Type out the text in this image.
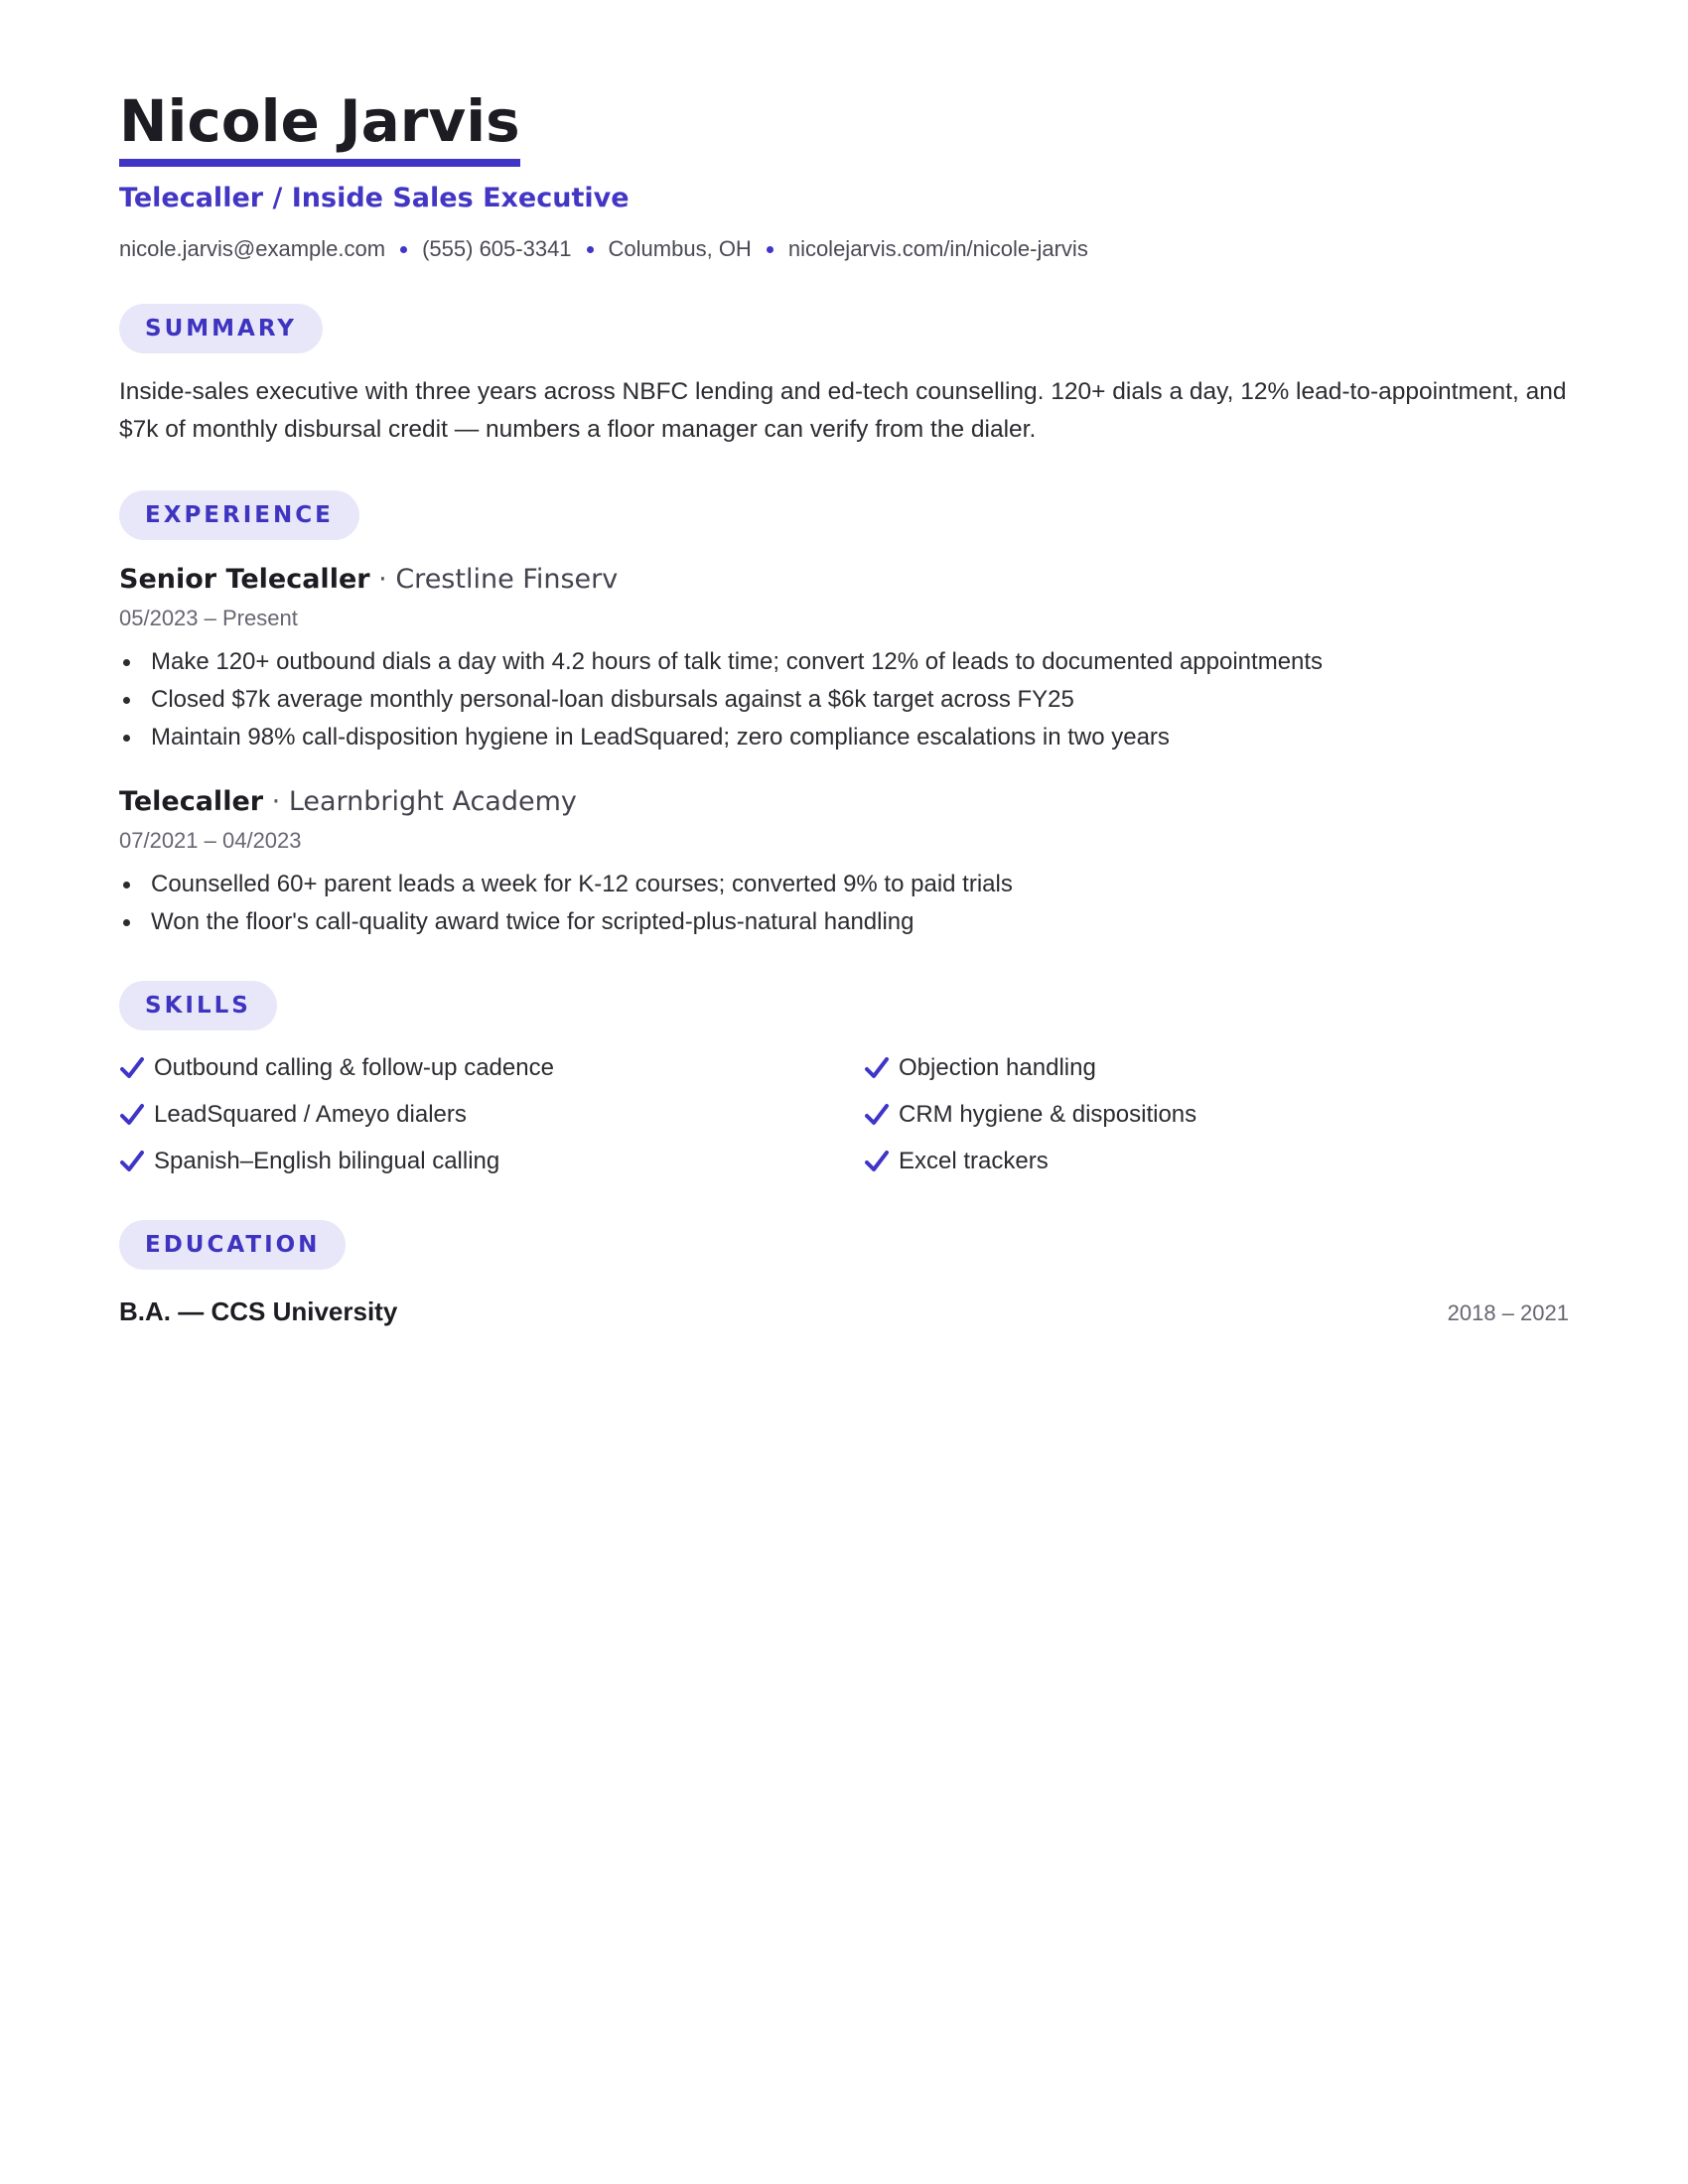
Nicole Jarvis
Telecaller / Inside Sales Executive
nicole.jarvis@example.com (555) 605-3341 Columbus, OH nicolejarvis.com/in/nicole-jarvis
SUMMARY
Inside-sales executive with three years across NBFC lending and ed-tech counselling. 120+ dials a day, 12% lead-to-appointment, and $7k of monthly disbursal credit — numbers a floor manager can verify from the dialer.
EXPERIENCE
Senior Telecaller · Crestline Finserv
05/2023 – Present
Make 120+ outbound dials a day with 4.2 hours of talk time; convert 12% of leads to documented appointments
Closed $7k average monthly personal-loan disbursals against a $6k target across FY25
Maintain 98% call-disposition hygiene in LeadSquared; zero compliance escalations in two years
Telecaller · Learnbright Academy
07/2021 – 04/2023
Counselled 60+ parent leads a week for K-12 courses; converted 9% to paid trials
Won the floor's call-quality award twice for scripted-plus-natural handling
SKILLS
Outbound calling & follow-up cadence	Objection handling
LeadSquared / Ameyo dialers	CRM hygiene & dispositions
Spanish–English bilingual calling	Excel trackers
EDUCATION
B.A. — CCS University	2018 – 2021
